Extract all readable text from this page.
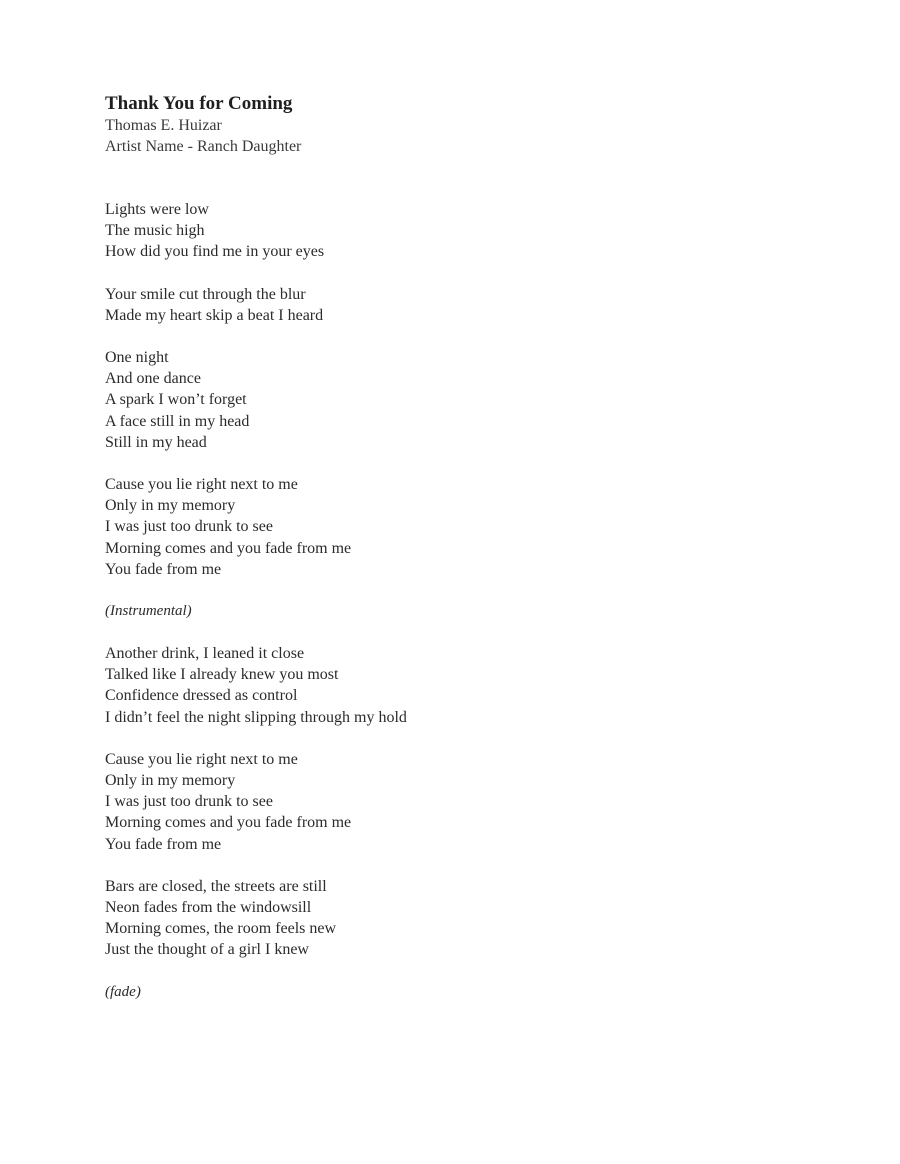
Thank You for Coming
Thomas E. Huizar
Artist Name - Ranch Daughter
Lights were low
The music high
How did you find me in your eyes
Your smile cut through the blur
Made my heart skip a beat I heard
One night
And one dance
A spark I won’t forget
A face still in my head
Still in my head
Cause you lie right next to me
Only in my memory
I was just too drunk to see
Morning comes and you fade from me
You fade from me
(Instrumental)
Another drink, I leaned it close
Talked like I already knew you most
Confidence dressed as control
I didn’t feel the night slipping through my hold
Cause you lie right next to me
Only in my memory
I was just too drunk to see
Morning comes and you fade from me
You fade from me
Bars are closed, the streets are still
Neon fades from the windowsill
Morning comes, the room feels new
Just the thought of a girl I knew
(fade)
